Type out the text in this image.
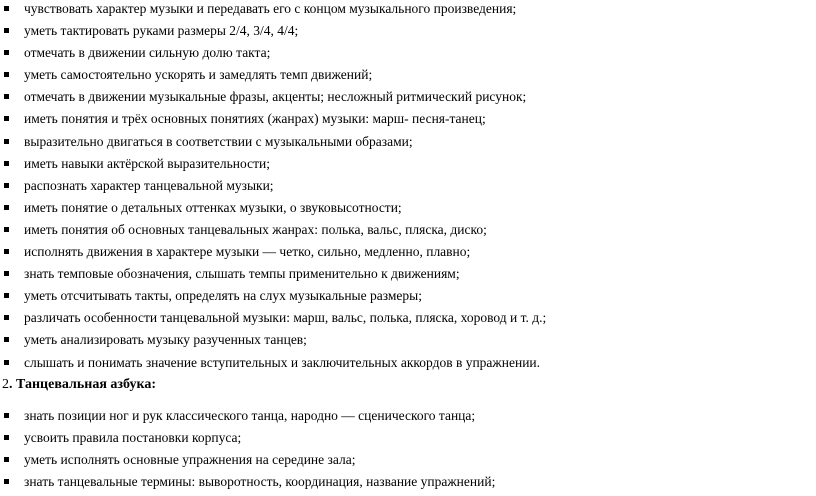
чувствовать характер музыки и передавать его с концом музыкального произведения;
уметь тактировать руками размеры 2/4, 3/4, 4/4;
отмечать в движении сильную долю такта;
уметь самостоятельно ускорять и замедлять темп движений;
отмечать в движении музыкальные фразы, акценты; несложный ритмический рисунок;
иметь понятия и трёх основных понятиях (жанрах) музыки: марш- песня-танец;
выразительно двигаться в соответствии с музыкальными образами;
иметь навыки актёрской выразительности;
распознать характер танцевальной музыки;
иметь понятие о детальных оттенках музыки, о звуковысотности;
иметь понятия об основных танцевальных жанрах: полька, вальс, пляска, диско;
исполнять движения в характере музыки — четко, сильно, медленно, плавно;
знать темповые обозначения, слышать темпы применительно к движениям;
уметь отсчитывать такты, определять на слух музыкальные размеры;
различать особенности танцевальной музыки: марш, вальс, полька, пляска, хоровод и т. д.;
уметь анализировать музыку разученных танцев;
слышать и понимать значение вступительных и заключительных аккордов в упражнении.
2. Танцевальная азбука:
знать позиции ног и рук классического танца, народно — сценического танца;
усвоить правила постановки корпуса;
уметь исполнять основные упражнения на середине зала;
знать танцевальные термины: выворотность, координация, название упражнений;
